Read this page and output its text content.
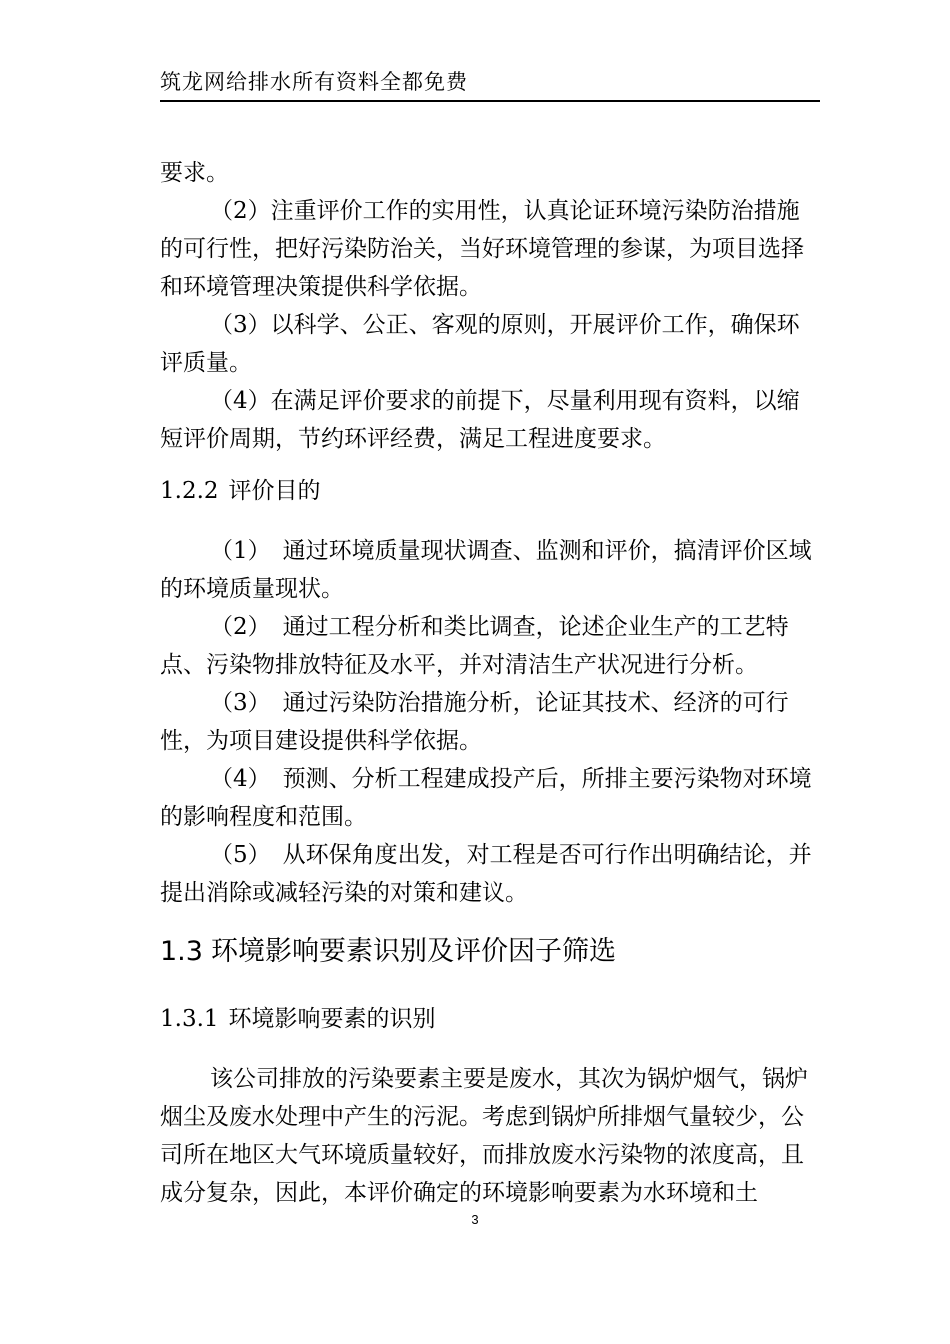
筑龙网给排水所有资料全都免费

要求。

（2）注重评价工作的实用性，认真论证环境污染防治措施的可行性，把好污染防治关，当好环境管理的参谋，为项目选择和环境管理决策提供科学依据。

（3）以科学、公正、客观的原则，开展评价工作，确保环评质量。

（4）在满足评价要求的前提下，尽量利用现有资料，以缩短评价周期，节约环评经费，满足工程进度要求。

1.2.2 评价目的

（1） 通过环境质量现状调查、监测和评价，搞清评价区域的环境质量现状。

（2） 通过工程分析和类比调查，论述企业生产的工艺特点、污染物排放特征及水平，并对清洁生产状况进行分析。

（3） 通过污染防治措施分析，论证其技术、经济的可行性，为项目建设提供科学依据。

（4） 预测、分析工程建成投产后，所排主要污染物对环境的影响程度和范围。

（5） 从环保角度出发，对工程是否可行作出明确结论，并提出消除或减轻污染的对策和建议。

1.3 环境影响要素识别及评价因子筛选
1.3.1 环境影响要素的识别

该公司排放的污染要素主要是废水，其次为锅炉烟气，锅炉烟尘及废水处理中产生的污泥。考虑到锅炉所排烟气量较少，公司所在地区大气环境质量较好，而排放废水污染物的浓度高，且成分复杂，因此，本评价确定的环境影响要素为水环境和土

3
